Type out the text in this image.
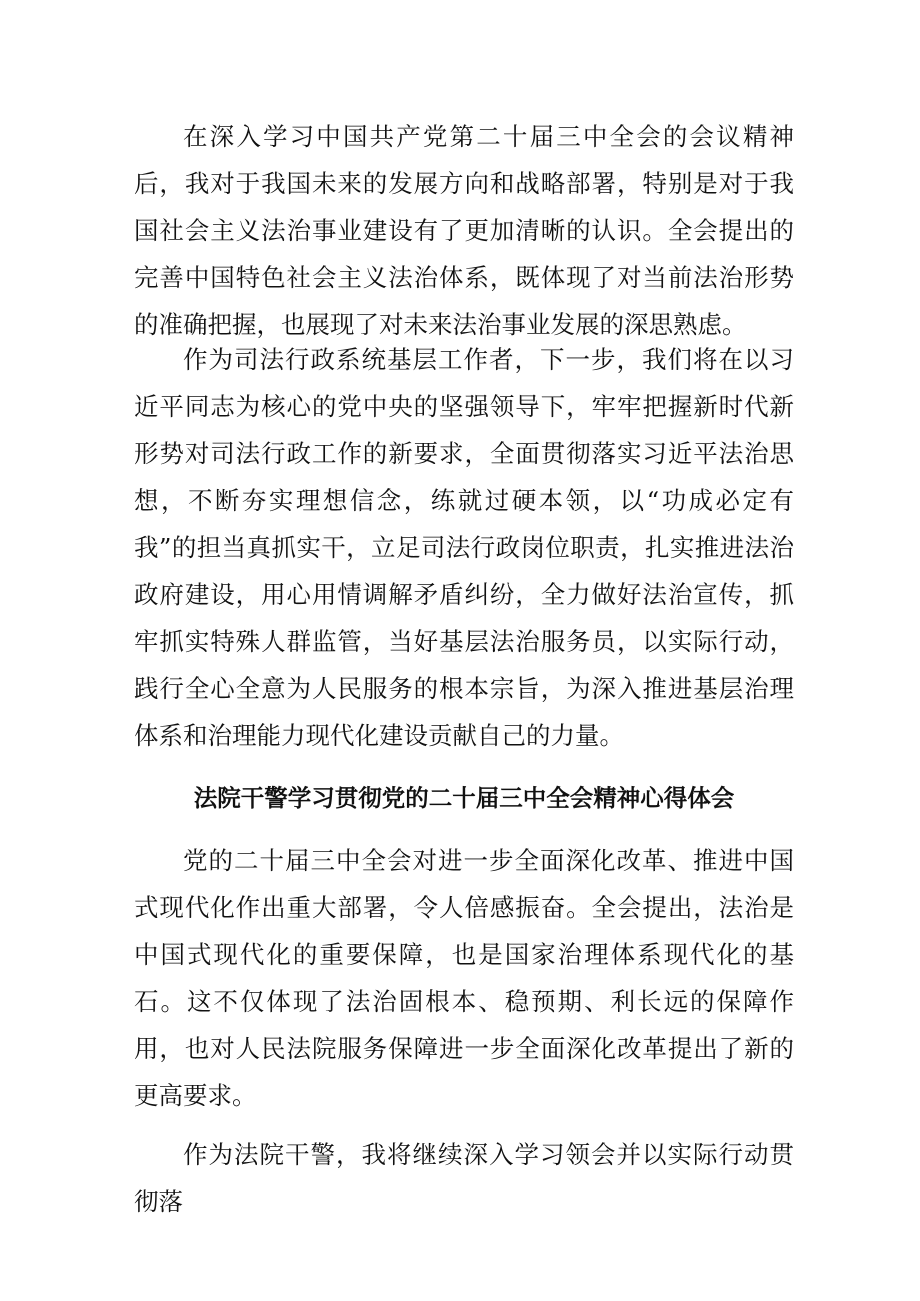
在深入学习中国共产党第二十届三中全会的会议精神后，我对于我国未来的发展方向和战略部署，特别是对于我国社会主义法治事业建设有了更加清晰的认识。全会提出的完善中国特色社会主义法治体系，既体现了对当前法治形势的准确把握，也展现了对未来法治事业发展的深思熟虑。

作为司法行政系统基层工作者，下一步，我们将在以习近平同志为核心的党中央的坚强领导下，牢牢把握新时代新形势对司法行政工作的新要求，全面贯彻落实习近平法治思想，不断夯实理想信念，练就过硬本领，以“功成必定有我”的担当真抓实干，立足司法行政岗位职责，扎实推进法治政府建设，用心用情调解矛盾纠纷，全力做好法治宣传，抓牢抓实特殊人群监管，当好基层法治服务员，以实际行动，践行全心全意为人民服务的根本宗旨，为深入推进基层治理体系和治理能力现代化建设贡献自己的力量。

法院干警学习贯彻党的二十届三中全会精神心得体会

党的二十届三中全会对进一步全面深化改革、推进中国式现代化作出重大部署，令人倍感振奋。全会提出，法治是中国式现代化的重要保障，也是国家治理体系现代化的基石。这不仅体现了法治固根本、稳预期、利长远的保障作用，也对人民法院服务保障进一步全面深化改革提出了新的更高要求。

作为法院干警，我将继续深入学习领会并以实际行动贯彻落
